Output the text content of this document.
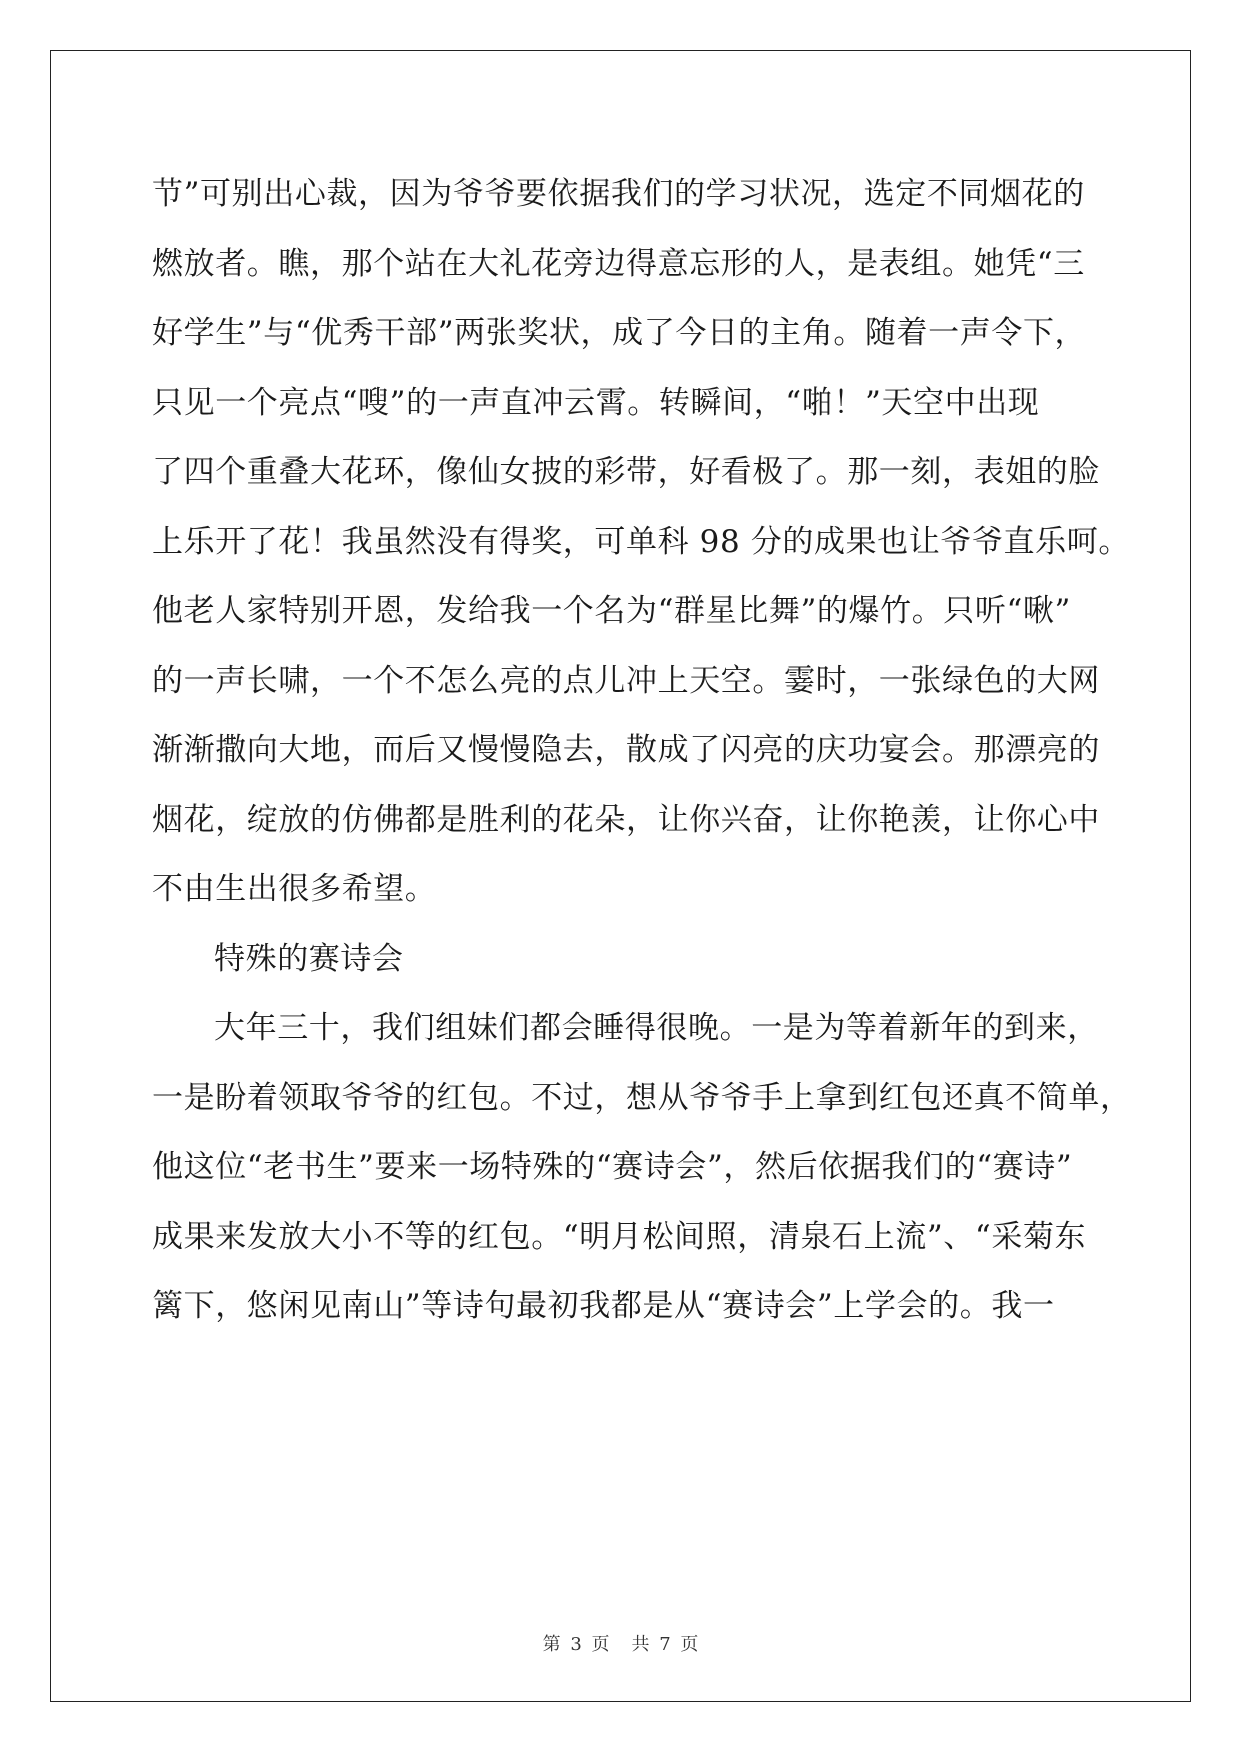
节”可别出心裁，因为爷爷要依据我们的学习状况，选定不同烟花的
燃放者。瞧，那个站在大礼花旁边得意忘形的人，是表组。她凭“三
好学生”与“优秀干部”两张奖状，成了今日的主角。随着一声令下，
只见一个亮点“嗖”的一声直冲云霄。转瞬间，“啪！”天空中出现
了四个重叠大花环，像仙女披的彩带，好看极了。那一刻，表姐的脸
上乐开了花！我虽然没有得奖，可单科 98 分的成果也让爷爷直乐呵。
他老人家特别开恩，发给我一个名为“群星比舞”的爆竹。只听“啾”
的一声长啸，一个不怎么亮的点儿冲上天空。霎时，一张绿色的大网
渐渐撒向大地，而后又慢慢隐去，散成了闪亮的庆功宴会。那漂亮的
烟花，绽放的仿佛都是胜利的花朵，让你兴奋，让你艳羡，让你心中
不由生出很多希望。
特殊的赛诗会
大年三十，我们组妹们都会睡得很晚。一是为等着新年的到来，
一是盼着领取爷爷的红包。不过，想从爷爷手上拿到红包还真不简单，
他这位“老书生”要来一场特殊的“赛诗会”，然后依据我们的“赛诗”
成果来发放大小不等的红包。“明月松间照，清泉石上流”、“采菊东
篱下，悠闲见南山”等诗句最初我都是从“赛诗会”上学会的。我一
第 3 页 共 7 页
